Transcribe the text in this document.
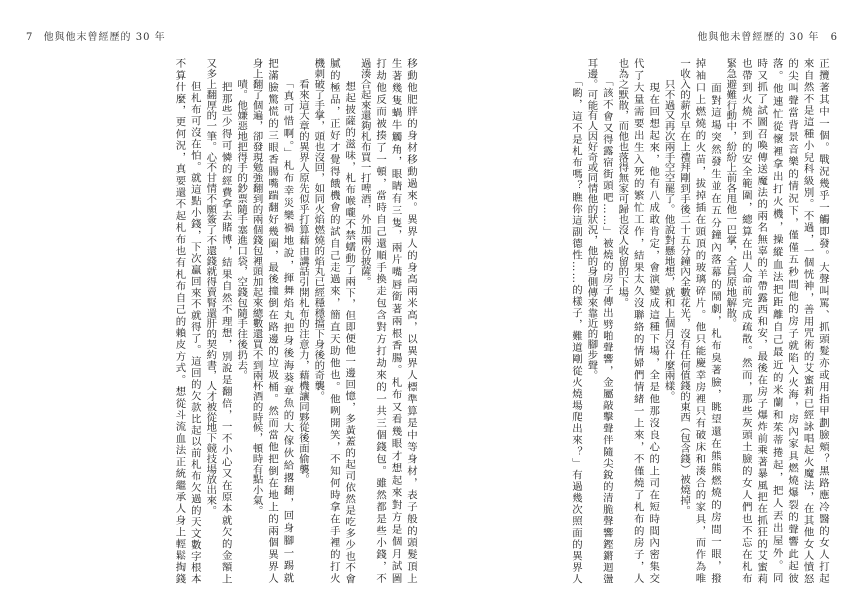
7 他與他末曾經歷的 30 年	他與他未曾經歷的 30 年 6
正攬著其中一個。戰況幾乎一觸即發。大聲叫罵、抓頭髮亦或用指甲劃臉頰？黑路應冷醫的女人打起
來自然不是這種小兒科級別。不過，一個恍神，善用咒術的艾蜜莉已經詠唱起火魔法，在其他女人憤怒
的尖叫聲當背景音樂的情況下，僅僅五秒間他的房子就陷入火海，房內家具燃燒爆裂的聲響此起彼
落。他連忙從懷裡拿出打火機，操縱血法把距離自己最近的米蘭和茱蒂捲起，把人丟出屋外。同
時又抓了試圖召喚傳送魔法的兩名無辜的羊帶露西和安，最後在房子爆炸前乘著暴風把在抓狂的艾蜜莉
也帶到火燒不到的安全範圍，總算在出人命前完成疏散。然而，那些灰頭土臉的女人們也不忘在札布
緊急避難行動中，紛紛上前各甩他一巴掌，全員原地解散。
　　面對這場突然發生並在五分鐘內落幕的鬧劇，札布臭著臉，眺望還在熊熊燃燒的房間一眼，撥
掉袖口上燃燒的火苗，拔掉插在頭頂的玻璃碎片。他只能慶幸房裡只有破床和湊合的家具，而作為唯
一收入的薪水早在上禮拜剛到手後二十五分鐘內全數花光，沒有任何值錢的東西（包含錢）被燒掉。
　　只不過又再次兩手空空罷了。他說對懸地想，就和上個月沒什麼兩樣。
　　現在回想起來，他有八成敢肯定，會演變成這種下場，全是他那沒良心的上司在短時間內密集交
代了大量需要出生入死的繁忙工作，結果太久沒聯絡的情婦們情緒一上來，不僅燒了札布的房子，人
也為之默散，而他也落得無家可歸也沒人收留的下場。
　　「該不會又得露宿街頭吧……」被燒的房子傳出劈啪聲響，金屬敲擊聲伴隨尖銳的清脆聲響鏗鏘迴盪
耳邊。可能有人因好奇或同情他的狀況，他的身側傳來靠近的腳步聲。
　　「喲，這不是札布嗎？瞧你這副德性……的樣子，難道剛從火燒場爬出來？」有過幾次照面的異界人
移動他肥胖的身材移動過來。異界人的身高兩米高，以異界人標準算是中等身材，表子般的頭髮頂上
生著幾隻蝸牛觸角，眼睛有三隻，兩片嘴唇銜著兩根香腸。札布又看幾眼才想起來對方是個月試圖
打劫他反而被揍了一頓，當時自己還順手換走包含對方打劫來的一共三個錢包。雖然都是些小錢，不
過湊合起來還夠札布買一打啤酒，外加兩份披薩。
　　想起披薩的滋味，札布喉嚨不禁蠕動了兩下，但即便他一邊回憶，多黃蓋的起司依然是吃多少也不會
膩的極品，正好才覺得餓機會的試自己走過來，簡直天助他也。他咧開笑，不知何時拿在手裡的打火
機刺破了手掌，頭也沒回，如同火焰燃燒的焰丸已經穩穩擋下身後的奇襲。
　　看來這大章的異界人原先似乎打算藉由講話引開札布的注意力，藉機讓同夥從後面偷襲。
　　「真可惜啊。」札布幸災樂禍地說，揮舞焰丸把身後海葵章魚的大傢伙給撂翻，回身腳一踢就
把滿臉驚慌的三眼香腸嘴踹翻好幾圈，最後撞倒在路邊的垃圾桶。然而當他把倒在地上的兩個異界人
身上翻了個遍，卻發現勉強翻到的兩個錢包裡頭加起來總數還買不到兩杯酒的時候，頓時有點小氣。
　　嘖。他嫌惡地把得手的鈔票隨手塞進口袋，空錢包隨手往後扔去。
　　把那些少得可憐的經費拿去賭博，結果自然不理想，別說是翻倍，一不小心又在原本就欠的金額上
又多上翻厚的一筆。心不甘情不願簽了不還錢就得賣腎還肝的契約書，人才被從地下競技場放出來。
　　但札布可沒在怕。就這點小錢，下次贏回來不就得了。這回的欠款比起以前札布欠過的天文數字根本
不算什麼，更何況，真要還不起札布也有札布自己的賴皮方式。想從斗流血法正統繼承人身上輕鬆掏錢
